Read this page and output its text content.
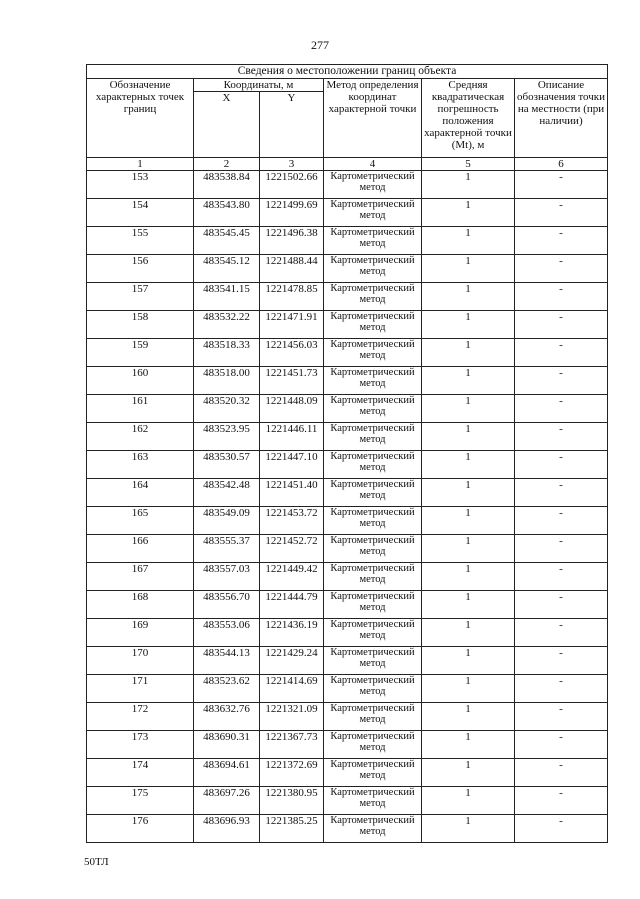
277
Сведения о местоположении границ объекта					
Обозначение характерных точек границ	Координаты, м		Метод определения координат характерной точки	Средняя квадратическая погрешность положения характерной точки (Mt), м	Описание обозначения точки на местности (при наличии)
	X	Y			
1	2	3	4	5	6
153	483538.84	1221502.66	Картометрический метод	1	-
154	483543.80	1221499.69	Картометрический метод	1	-
155	483545.45	1221496.38	Картометрический метод	1	-
156	483545.12	1221488.44	Картометрический метод	1	-
157	483541.15	1221478.85	Картометрический метод	1	-
158	483532.22	1221471.91	Картометрический метод	1	-
159	483518.33	1221456.03	Картометрический метод	1	-
160	483518.00	1221451.73	Картометрический метод	1	-
161	483520.32	1221448.09	Картометрический метод	1	-
162	483523.95	1221446.11	Картометрический метод	1	-
163	483530.57	1221447.10	Картометрический метод	1	-
164	483542.48	1221451.40	Картометрический метод	1	-
165	483549.09	1221453.72	Картометрический метод	1	-
166	483555.37	1221452.72	Картометрический метод	1	-
167	483557.03	1221449.42	Картометрический метод	1	-
168	483556.70	1221444.79	Картометрический метод	1	-
169	483553.06	1221436.19	Картометрический метод	1	-
170	483544.13	1221429.24	Картометрический метод	1	-
171	483523.62	1221414.69	Картометрический метод	1	-
172	483632.76	1221321.09	Картометрический метод	1	-
173	483690.31	1221367.73	Картометрический метод	1	-
174	483694.61	1221372.69	Картометрический метод	1	-
175	483697.26	1221380.95	Картометрический метод	1	-
176	483696.93	1221385.25	Картометрический метод	1	-
50ТЛ
